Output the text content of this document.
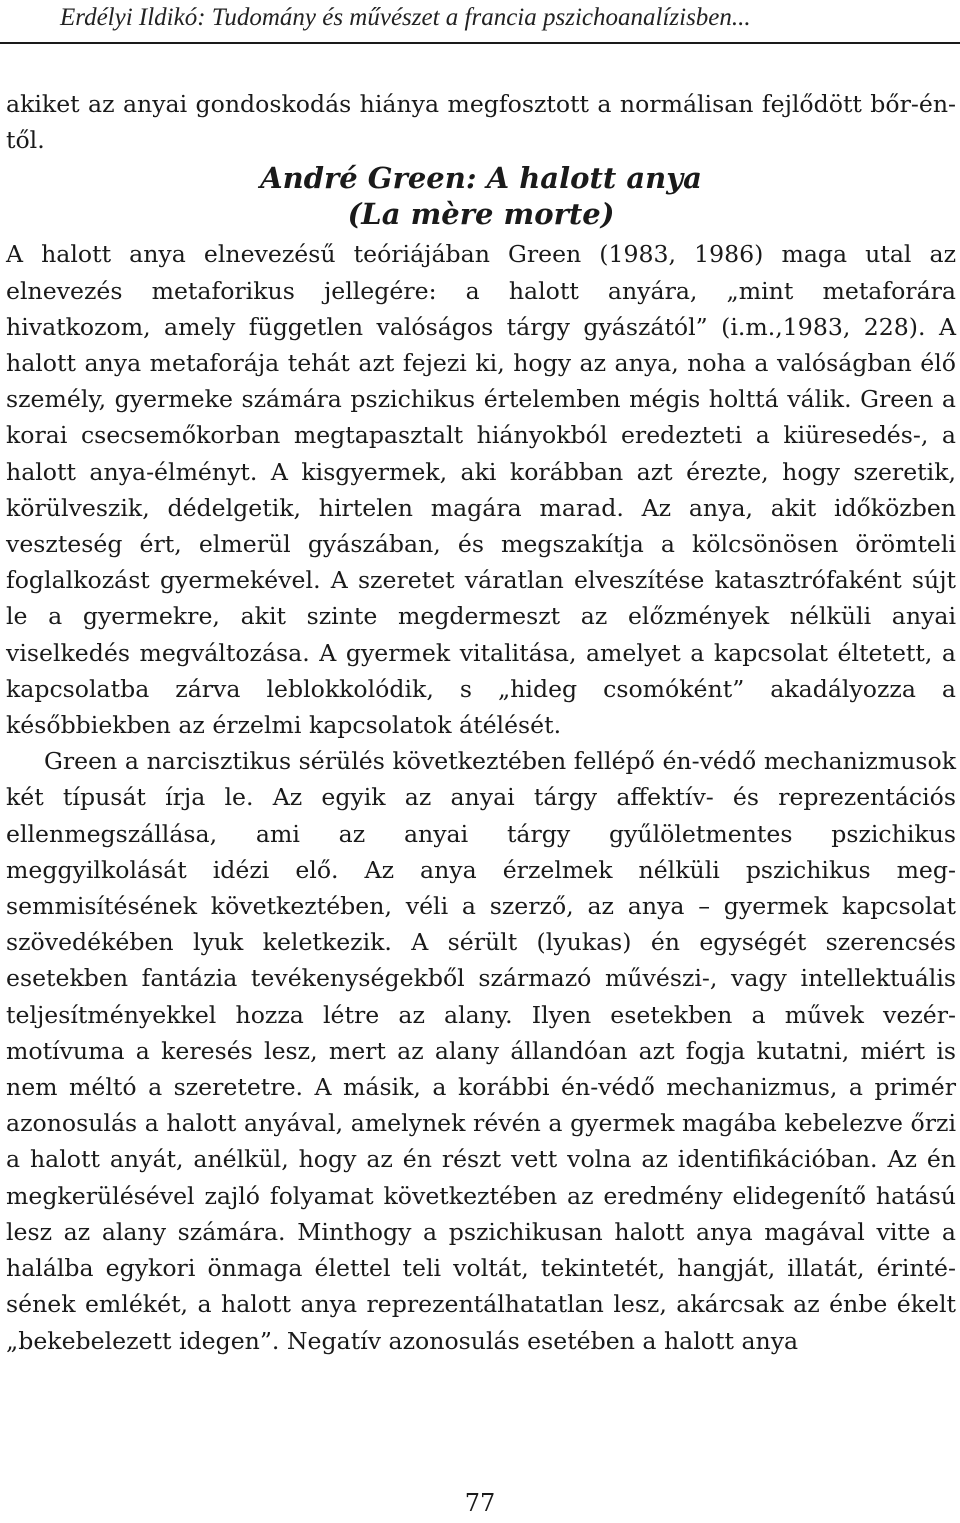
Erdélyi Ildikó: Tudomány és művészet a francia pszichoanalízisben...

akiket az anyai gondoskodás hiánya megfosztott a normálisan fejlődött bőr-én-től.

André Green: A halott anya
(La mère morte)

A halott anya elnevezésű teóriájában Green (1983, 1986) maga utal az elnevezés metaforikus jellegére: a halott anyára, „mint metaforára hivatkozom, amely független valóságos tárgy gyászától” (i.m.,1983, 228). A halott anya metaforája tehát azt fejezi ki, hogy az anya, noha a valóságban élő személy, gyermeke számára pszichikus értelemben mégis holttá válik. Green a korai csecsemőkorban megtapasztalt hiányokból eredezteti a kiüresedés-, a halott anya-élményt. A kisgyermek, aki korábban azt érezte, hogy szeretik, körülveszik, dédelgetik, hirtelen magára marad. Az anya, akit időközben veszteség ért, elmerül gyászában, és megszakítja a kölcsönösen örömteli foglalkozást gyermekével. A szeretet váratlan elveszítése katasztrófaként sújt le a gyermekre, akit szinte megdermeszt az előzmények nélküli anyai viselkedés megváltozása. A gyermek vitalitása, amelyet a kapcsolat éltetett, a kapcsolatba zárva leblokkolódik, s „hideg csomóként” akadályozza a későbbiekben az érzelmi kapcsolatok átélését.

Green a narcisztikus sérülés következtében fellépő én-védő mechanizmusok két típusát írja le. Az egyik az anyai tárgy affektív- és reprezentációs ellenmegszállása, ami az anyai tárgy gyűlöletmentes pszichikus meggyilkolását idézi elő. Az anya érzelmek nélküli pszichikus megsemmisítésének következtében, véli a szerző, az anya – gyermek kapcsolat szövedékében lyuk keletkezik. A sérült (lyukas) én egységét szerencsés esetekben fantázia tevékenységekből származó művészi-, vagy intellektuális teljesítményekkel hozza létre az alany. Ilyen esetekben a művek vezér- motívuma a keresés lesz, mert az alany állandóan azt fogja kutatni, miért is nem méltó a szeretetre. A másik, a korábbi én-védő mechanizmus, a primér azonosulás a halott anyával, amelynek révén a gyermek magába kebelezve őrzi a halott anyát, anélkül, hogy az én részt vett volna az identifikációban. Az én megkerülésével zajló folyamat következtében az eredmény elidegenítő hatású lesz az alany számára. Minthogy a pszichikusan halott anya magával vitte a halálba egykori önmaga élettel teli voltát, tekintetét, hangját, illatát, érintésének emlékét, a halott anya reprezentálhatatlan lesz, akárcsak az énbe ékelt „bekebelezett idegen”. Negatív azonosulás esetében a halott anya

77
